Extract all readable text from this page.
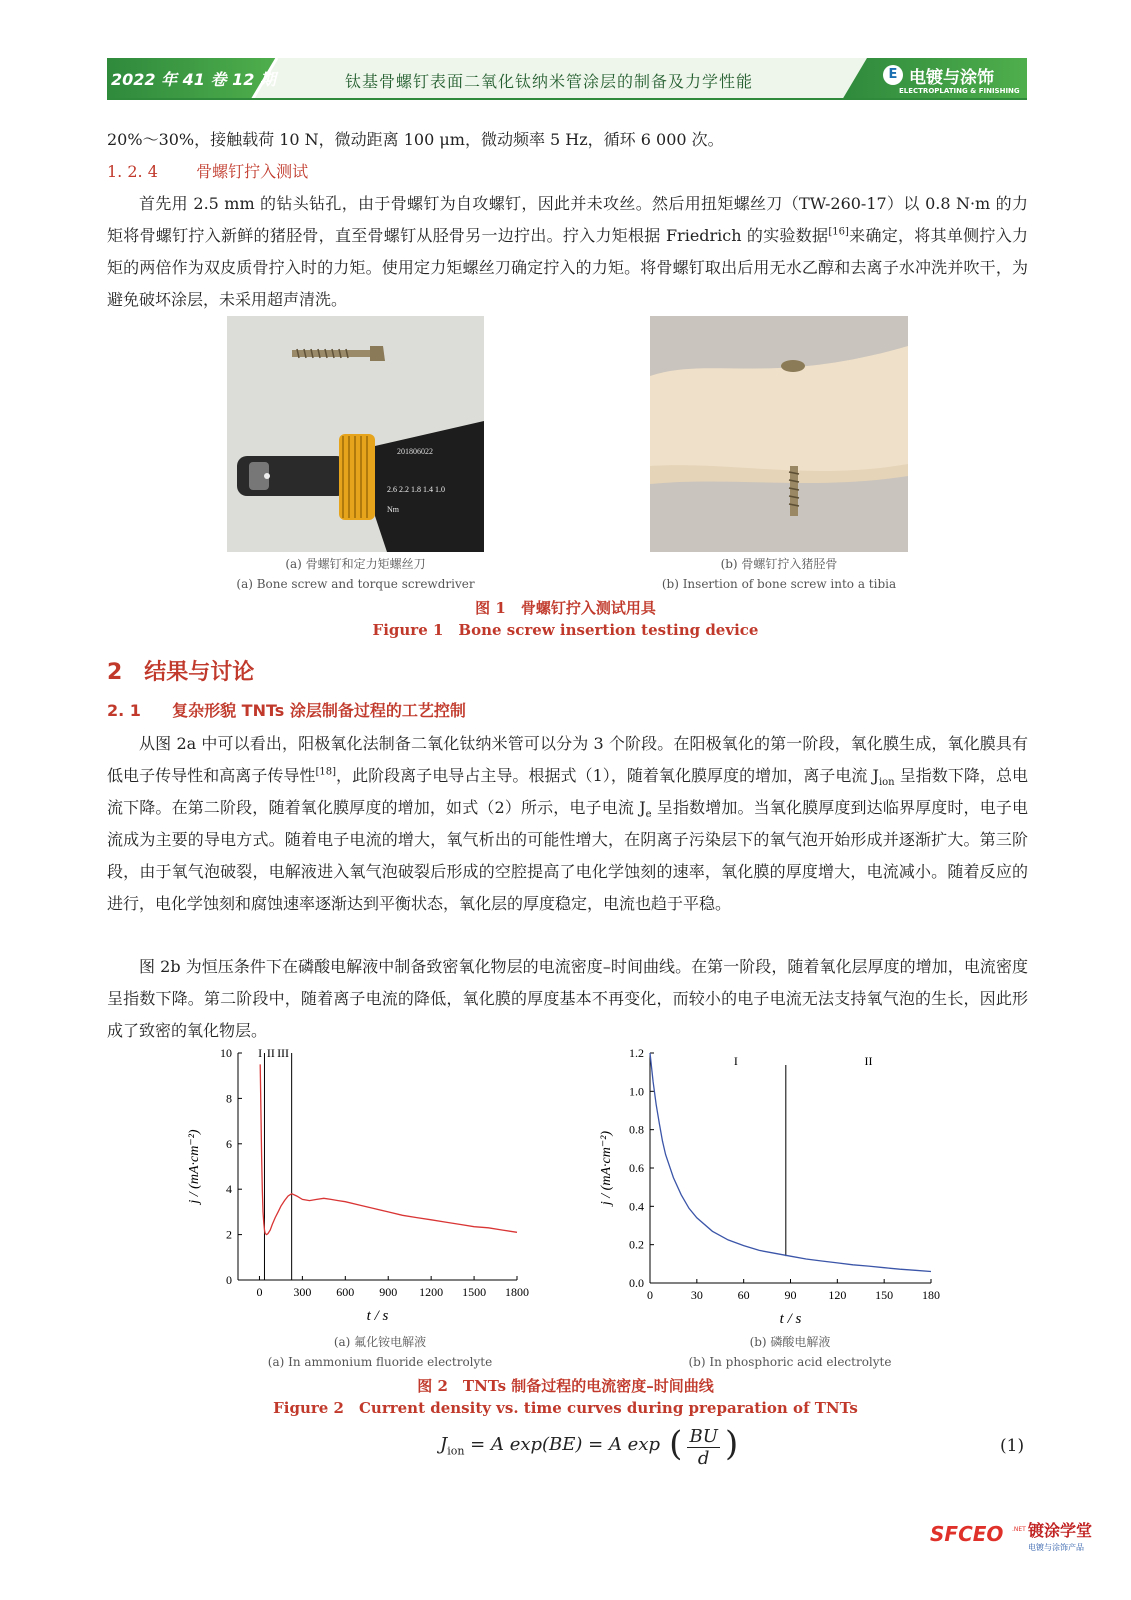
2022 年 41 卷 12 期	钛基骨螺钉表面二氧化钛纳米管涂层的制备及力学性能	E 电镀与涂饰
ELECTROPLATING & FINISHING
20%～30%，接触载荷 10 N，微动距离 100 μm，微动频率 5 Hz，循环 6 000 次。
1. 2. 4 骨螺钉拧入测试
首先用 2.5 mm 的钻头钻孔，由于骨螺钉为自攻螺钉，因此并未攻丝。然后用扭矩螺丝刀（TW-260-17）以 0.8 N·m 的力矩将骨螺钉拧入新鲜的猪胫骨，直至骨螺钉从胫骨另一边拧出。拧入力矩根据 Friedrich 的实验数据[16]来确定，将其单侧拧入力矩的两倍作为双皮质骨拧入时的力矩。使用定力矩螺丝刀确定拧入的力矩。将骨螺钉取出后用无水乙醇和去离子水冲洗并吹干，为避免破坏涂层，未采用超声清洗。
201806022
2.6 2.2 1.8 1.4 1.0
Nm
(a) 骨螺钉和定力矩螺丝刀
(a) Bone screw and torque screwdriver
(b) 骨螺钉拧入猪胫骨
(b) Insertion of bone screw into a tibia
图 1　骨螺钉拧入测试用具
Figure 1　Bone screw insertion testing device
2　结果与讨论
2. 1 复杂形貌 TNTs 涂层制备过程的工艺控制
从图 2a 中可以看出，阳极氧化法制备二氧化钛纳米管可以分为 3 个阶段。在阳极氧化的第一阶段，氧化膜生成，氧化膜具有低电子传导性和高离子传导性[18]，此阶段离子电导占主导。根据式（1），随着氧化膜厚度的增加，离子电流 $J_{ion}$ 呈指数下降，总电流下降。在第二阶段，随着氧化膜厚度的增加，如式（2）所示，电子电流 $J_e$ 呈指数增加。当氧化膜厚度到达临界厚度时，电子电流成为主要的导电方式。随着电子电流的增大，氧气析出的可能性增大，在阴离子污染层下的氧气泡开始形成并逐渐扩大。第三阶段，由于氧气泡破裂，电解液进入氧气泡破裂后形成的空腔提高了电化学蚀刻的速率，氧化膜的厚度增大，电流减小。随着反应的进行，电化学蚀刻和腐蚀速率逐渐达到平衡状态，氧化层的厚度稳定，电流也趋于平稳。
图 2b 为恒压条件下在磷酸电解液中制备致密氧化物层的电流密度–时间曲线。在第一阶段，随着氧化层厚度的增加，电流密度呈指数下降。第二阶段中，随着离子电流的降低，氧化膜的厚度基本不再变化，而较小的电子电流无法支持氧气泡的生长，因此形成了致密的氧化物层。
0
2
4
6
8
10
0	300 600 900 1200 1500 1800
I II III
t / s
j / (mA·cm⁻²)
0.0
0.2
0.4
0.6
0.8
1.0
1.2
0	30	60	90	120 150 180
I	II
t / s
j / (mA·cm⁻²)
(a) 氟化铵电解液
(a) In ammonium fluoride electrolyte
(b) 磷酸电解液
(b) In phosphoric acid electrolyte
图 2　TNTs 制备过程的电流密度–时间曲线
Figure 2　Current density vs. time curves during preparation of TNTs
$J_{ion} = A$ exp(BE) = A exp ( $\frac{BU}{d}$ )	(1)
SFCEO .NET 镀涂学堂
电镀与涂饰产品
